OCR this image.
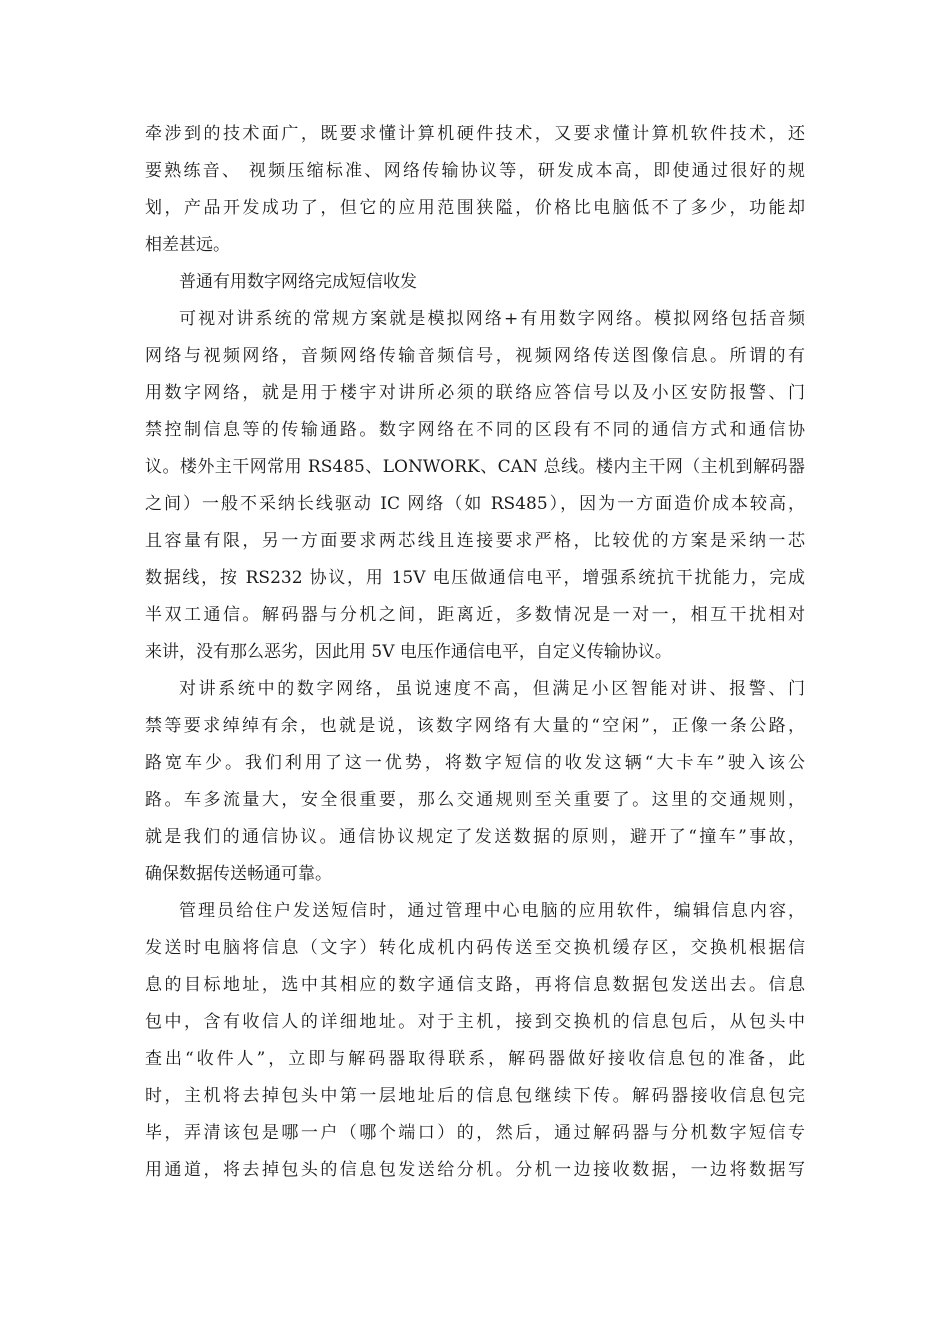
牵涉到的技术面广，既要求懂计算机硬件技术，又要求懂计算机软件技术，还
要熟练音、 视频压缩标准、网络传输协议等，研发成本高，即使通过很好的规
划，产品开发成功了，但它的应用范围狭隘，价格比电脑低不了多少，功能却
相差甚远。
普通有用数字网络完成短信收发
可视对讲系统的常规方案就是模拟网络+有用数字网络。模拟网络包括音频
网络与视频网络，音频网络传输音频信号，视频网络传送图像信息。所谓的有
用数字网络，就是用于楼宇对讲所必须的联络应答信号以及小区安防报警、门
禁控制信息等的传输通路。数字网络在不同的区段有不同的通信方式和通信协
议。楼外主干网常用 RS485、LONWORK、CAN 总线。楼内主干网（主机到解码器
之间）一般不采纳长线驱动 IC 网络（如 RS485），因为一方面造价成本较高，
且容量有限，另一方面要求两芯线且连接要求严格，比较优的方案是采纳一芯
数据线，按 RS232 协议，用 15V 电压做通信电平，增强系统抗干扰能力，完成
半双工通信。解码器与分机之间，距离近，多数情况是一对一，相互干扰相对
来讲，没有那么恶劣，因此用 5V 电压作通信电平，自定义传输协议。
对讲系统中的数字网络，虽说速度不高，但满足小区智能对讲、报警、门
禁等要求绰绰有余，也就是说，该数字网络有大量的“空闲”，正像一条公路，
路宽车少。我们利用了这一优势，将数字短信的收发这辆“大卡车”驶入该公
路。车多流量大，安全很重要，那么交通规则至关重要了。这里的交通规则，
就是我们的通信协议。通信协议规定了发送数据的原则，避开了“撞车”事故，
确保数据传送畅通可靠。
管理员给住户发送短信时，通过管理中心电脑的应用软件，编辑信息内容，
发送时电脑将信息（文字）转化成机内码传送至交换机缓存区，交换机根据信
息的目标地址，选中其相应的数字通信支路，再将信息数据包发送出去。信息
包中，含有收信人的详细地址。对于主机，接到交换机的信息包后，从包头中
查出“收件人”，立即与解码器取得联系，解码器做好接收信息包的准备，此
时，主机将去掉包头中第一层地址后的信息包继续下传。解码器接收信息包完
毕，弄清该包是哪一户（哪个端口）的，然后，通过解码器与分机数字短信专
用通道，将去掉包头的信息包发送给分机。分机一边接收数据，一边将数据写
